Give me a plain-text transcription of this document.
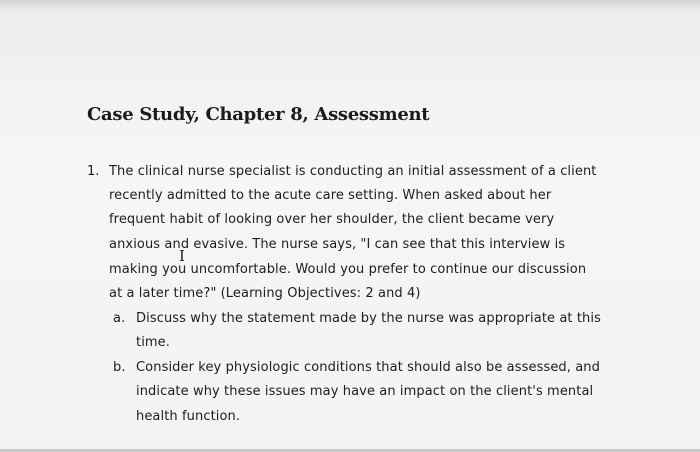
Case Study, Chapter 8, Assessment
1. The clinical nurse specialist is conducting an initial assessment of a client
recently admitted to the acute care setting. When asked about her
frequent habit of looking over her shoulder, the client became very
anxious and evasive. The nurse says, "I can see that this interview is
making you uncomfortable. Would you prefer to continue our discussion
at a later time?" (Learning Objectives: 2 and 4)
a. Discuss why the statement made by the nurse was appropriate at this
time.
b. Consider key physiologic conditions that should also be assessed, and
indicate why these issues may have an impact on the client's mental
health function.
I
